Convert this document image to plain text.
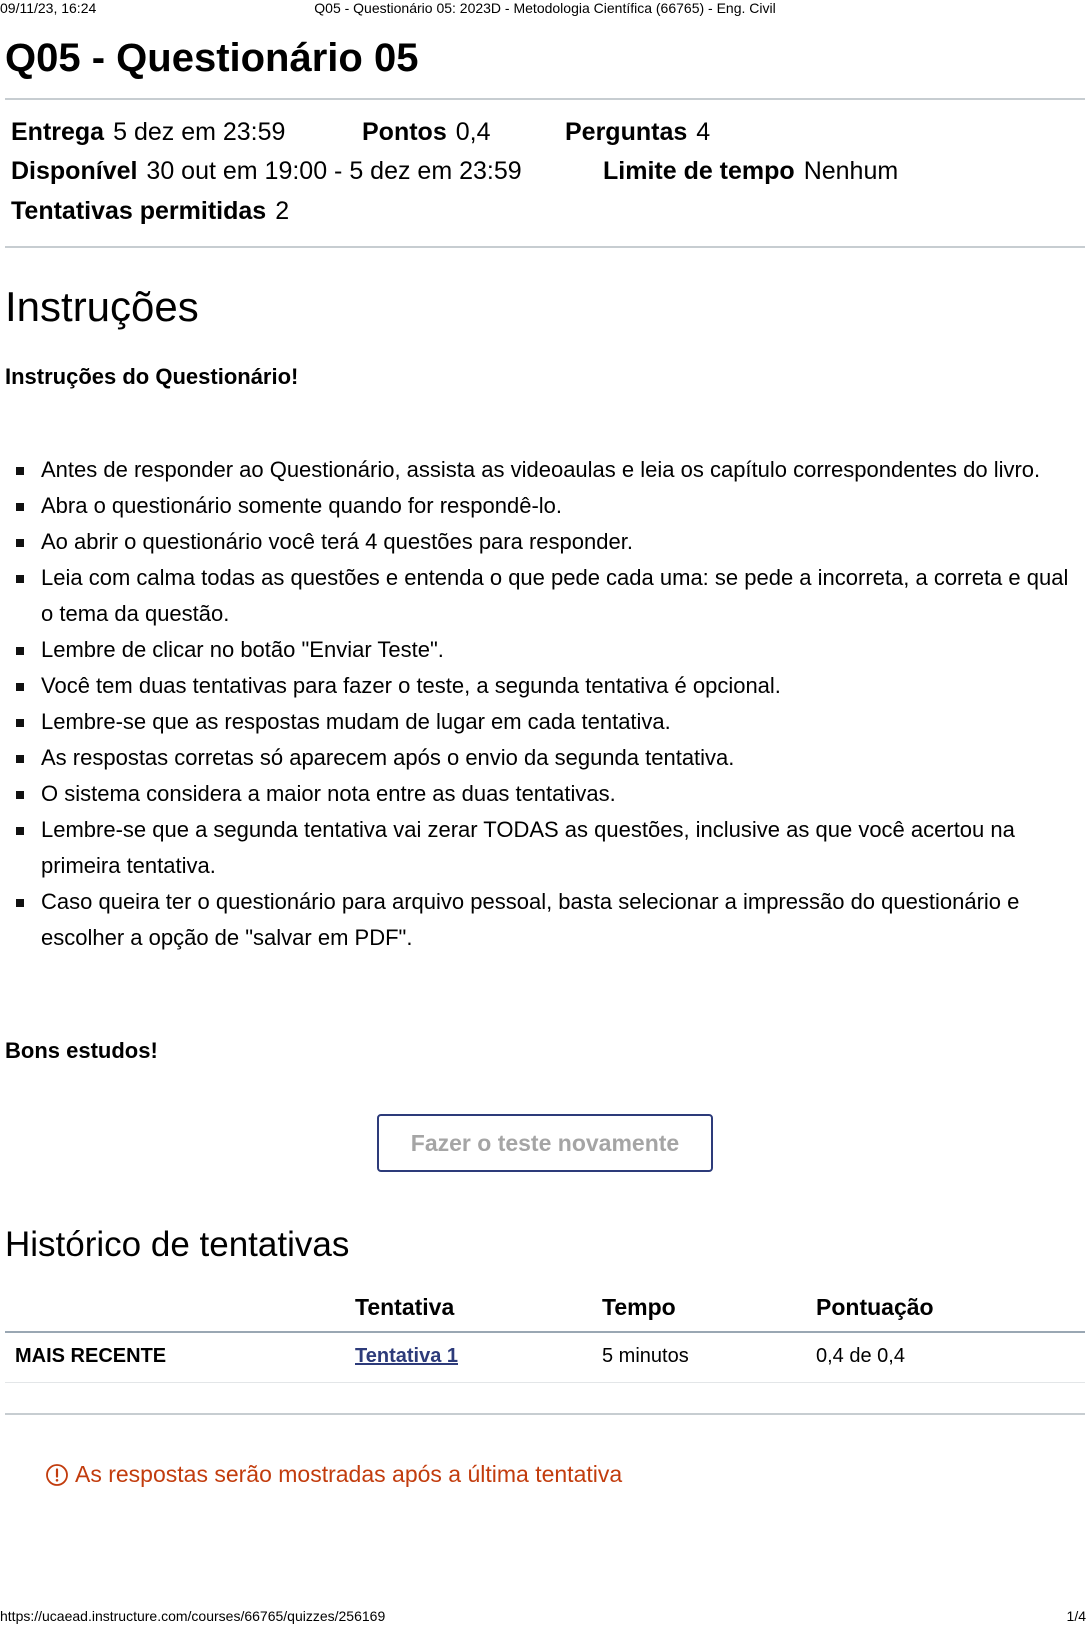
09/11/23, 16:24	Q05 - Questionário 05: 2023D - Metodologia Científica (66765) - Eng. Civil
Q05 - Questionário 05
Entrega 5 dez em 23:59	Pontos 0,4	Perguntas 4
Disponível 30 out em 19:00 - 5 dez em 23:59	Limite de tempo Nenhum
Tentativas permitidas 2
Instruções

Instruções do Questionário!

Antes de responder ao Questionário, assista as videoaulas e leia os capítulo correspondentes do livro.
Abra o questionário somente quando for respondê-lo.
Ao abrir o questionário você terá 4 questões para responder.
Leia com calma todas as questões e entenda o que pede cada uma: se pede a incorreta, a correta e qual o tema da questão.
Lembre de clicar no botão "Enviar Teste".
Você tem duas tentativas para fazer o teste, a segunda tentativa é opcional.
Lembre-se que as respostas mudam de lugar em cada tentativa.
As respostas corretas só aparecem após o envio da segunda tentativa.
O sistema considera a maior nota entre as duas tentativas.
Lembre-se que a segunda tentativa vai zerar TODAS as questões, inclusive as que você acertou na primeira tentativa.
Caso queira ter o questionário para arquivo pessoal, basta selecionar a impressão do questionário e escolher a opção de "salvar em PDF".

Bons estudos!

Fazer o teste novamente
Histórico de tentativas
	Tentativa	Tempo	Pontuação
MAIS RECENTE	Tentativa 1	5 minutos	0,4 de 0,4
As respostas serão mostradas após a última tentativa
https://ucaead.instructure.com/courses/66765/quizzes/256169	1/4
